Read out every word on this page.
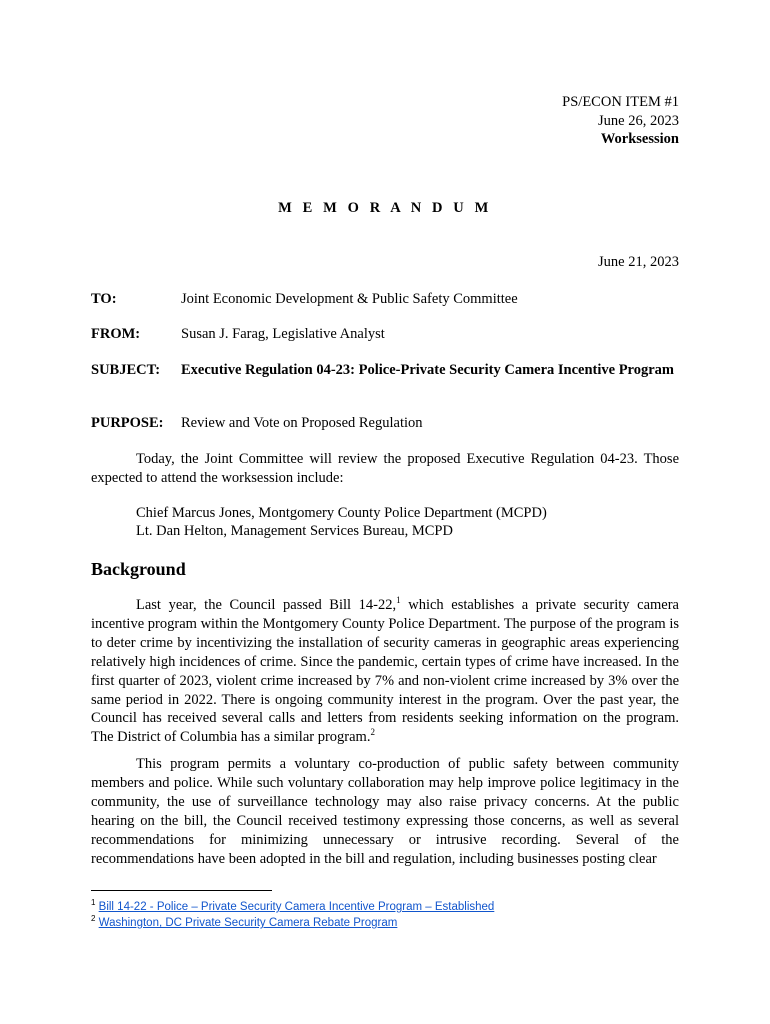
PS/ECON ITEM #1
June 26, 2023
Worksession
M E M O R A N D U M
June 21, 2023
TO:	Joint Economic Development & Public Safety Committee
FROM:	Susan J. Farag, Legislative Analyst
SUBJECT: Executive Regulation 04-23: Police-Private Security Camera Incentive Program
PURPOSE: Review and Vote on Proposed Regulation
Today, the Joint Committee will review the proposed Executive Regulation 04-23. Those expected to attend the worksession include:
Chief Marcus Jones, Montgomery County Police Department (MCPD)
Lt. Dan Helton, Management Services Bureau, MCPD
Background
Last year, the Council passed Bill 14-22,$^1$ which establishes a private security camera incentive program within the Montgomery County Police Department. The purpose of the program is to deter crime by incentivizing the installation of security cameras in geographic areas experiencing relatively high incidences of crime. Since the pandemic, certain types of crime have increased. In the first quarter of 2023, violent crime increased by 7% and non-violent crime increased by 3% over the same period in 2022. There is ongoing community interest in the program. Over the past year, the Council has received several calls and letters from residents seeking information on the program. The District of Columbia has a similar program.$^2$
This program permits a voluntary co-production of public safety between community members and police. While such voluntary collaboration may help improve police legitimacy in the community, the use of surveillance technology may also raise privacy concerns. At the public hearing on the bill, the Council received testimony expressing those concerns, as well as several recommendations for minimizing unnecessary or intrusive recording. Several of the recommendations have been adopted in the bill and regulation, including businesses posting clear
$^1$ Bill 14-22 - Police – Private Security Camera Incentive Program – Established
$^2$ Washington, DC Private Security Camera Rebate Program
